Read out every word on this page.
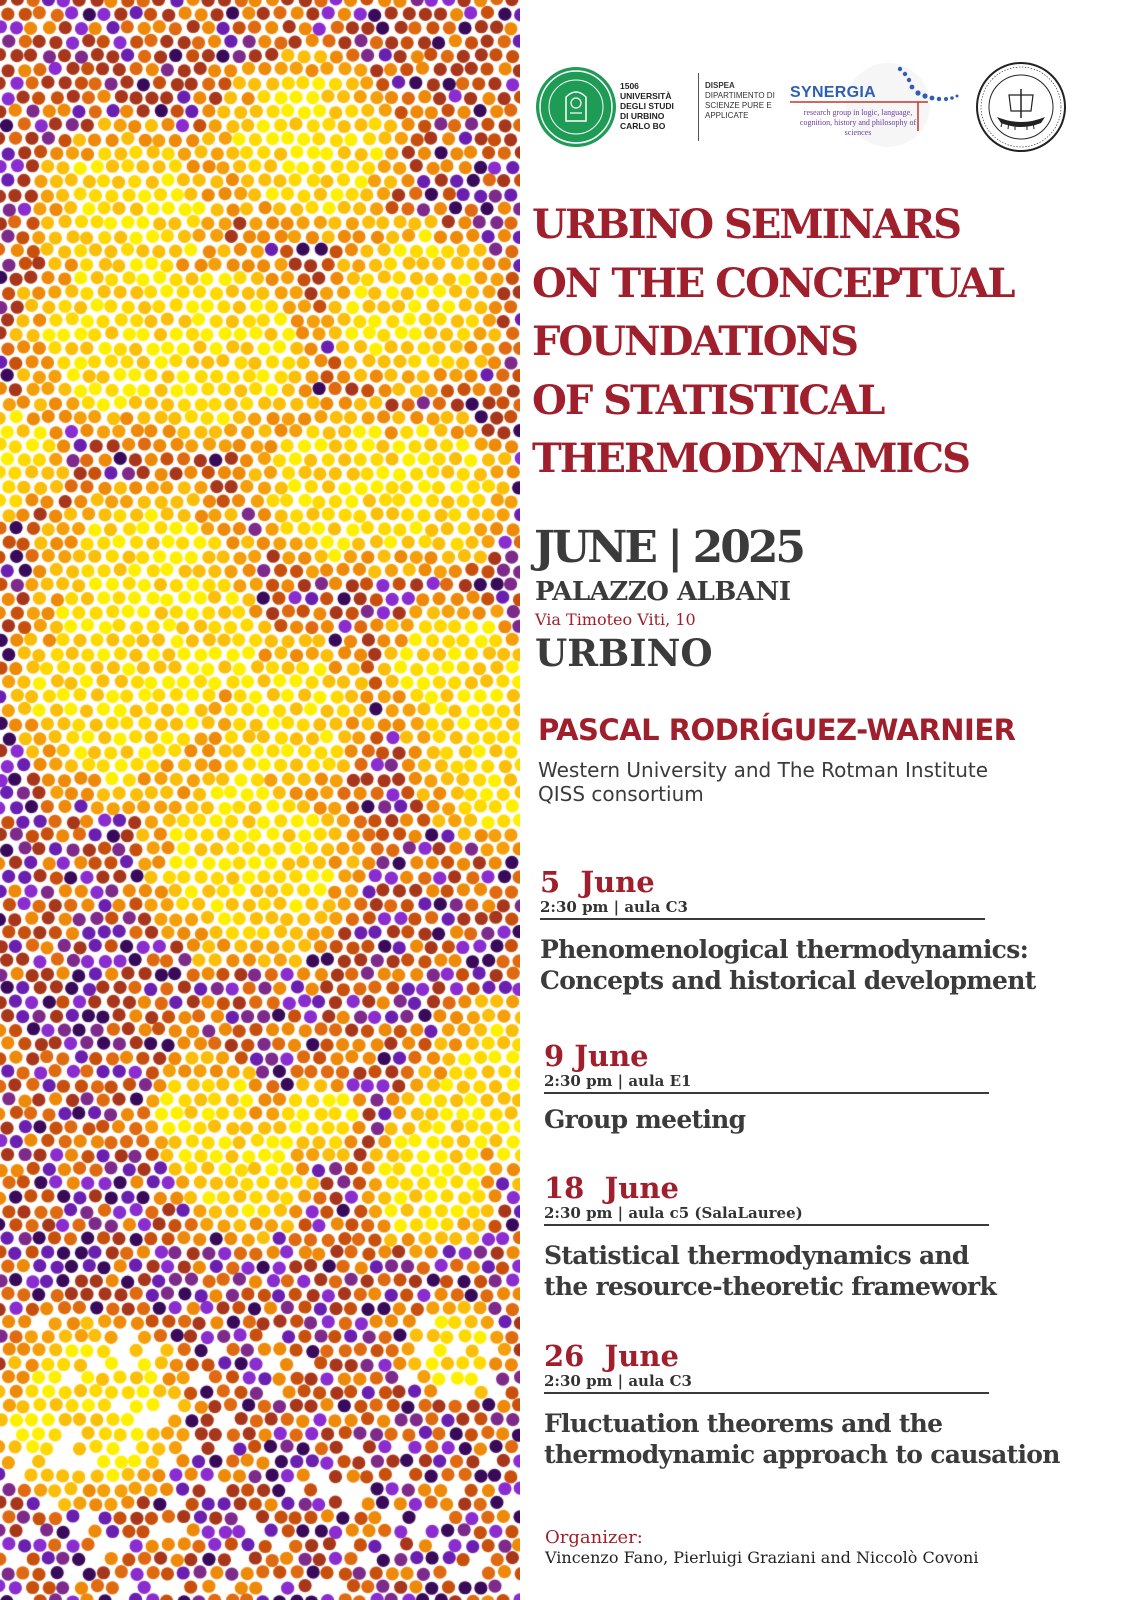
1506
UNIVERSITÀ
DEGLI STUDI
DI URBINO
CARLO BO
DISPEA
DIPARTIMENTO DI
SCIENZE PURE E
APPLICATE
SYNERGIA
research group in logic, language, cognition, history and philosophy of sciences
URBINO SEMINARS
ON THE CONCEPTUAL
FOUNDATIONS
OF STATISTICAL
THERMODYNAMICS
JUNE | 2025
PALAZZO ALBANI
Via Timoteo Viti, 10
URBINO
PASCAL RODRÍGUEZ-WARNIER
Western University and The Rotman Institute
QISS consortium
5  June
2:30 pm | aula C3
Phenomenological thermodynamics:
Concepts and historical development
9 June
2:30 pm | aula E1
Group meeting
18  June
2:30 pm | aula c5 (SalaLauree)
Statistical thermodynamics and
the resource-theoretic framework
26  June
2:30 pm | aula C3
Fluctuation theorems and the
thermodynamic approach to causation
Organizer:
Vincenzo Fano, Pierluigi Graziani and Niccolò Covoni
